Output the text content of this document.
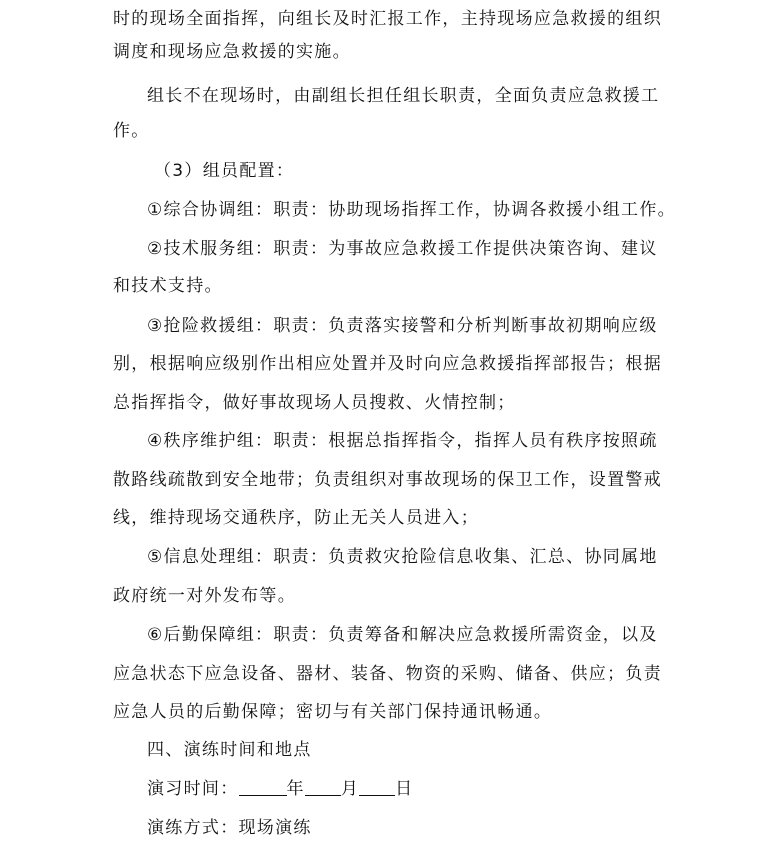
时的现场全面指挥，向组长及时汇报工作，主持现场应急救援的组织
调度和现场应急救援的实施。
组长不在现场时，由副组长担任组长职责，全面负责应急救援工
作。
（3）组员配置：
①综合协调组：职责：协助现场指挥工作，协调各救援小组工作。
②技术服务组：职责：为事故应急救援工作提供决策咨询、建议
和技术支持。
③抢险救援组：职责：负责落实接警和分析判断事故初期响应级
别，根据响应级别作出相应处置并及时向应急救援指挥部报告；根据
总指挥指令，做好事故现场人员搜救、火情控制；
④秩序维护组：职责：根据总指挥指令，指挥人员有秩序按照疏
散路线疏散到安全地带；负责组织对事故现场的保卫工作，设置警戒
线，维持现场交通秩序，防止无关人员进入；
⑤信息处理组：职责：负责救灾抢险信息收集、汇总、协同属地
政府统一对外发布等。
⑥后勤保障组：职责：负责筹备和解决应急救援所需资金，以及
应急状态下应急设备、器材、装备、物资的采购、储备、供应；负责
应急人员的后勤保障；密切与有关部门保持通讯畅通。
四、演练时间和地点
演习时间：	年 月 日
演练方式：现场演练
